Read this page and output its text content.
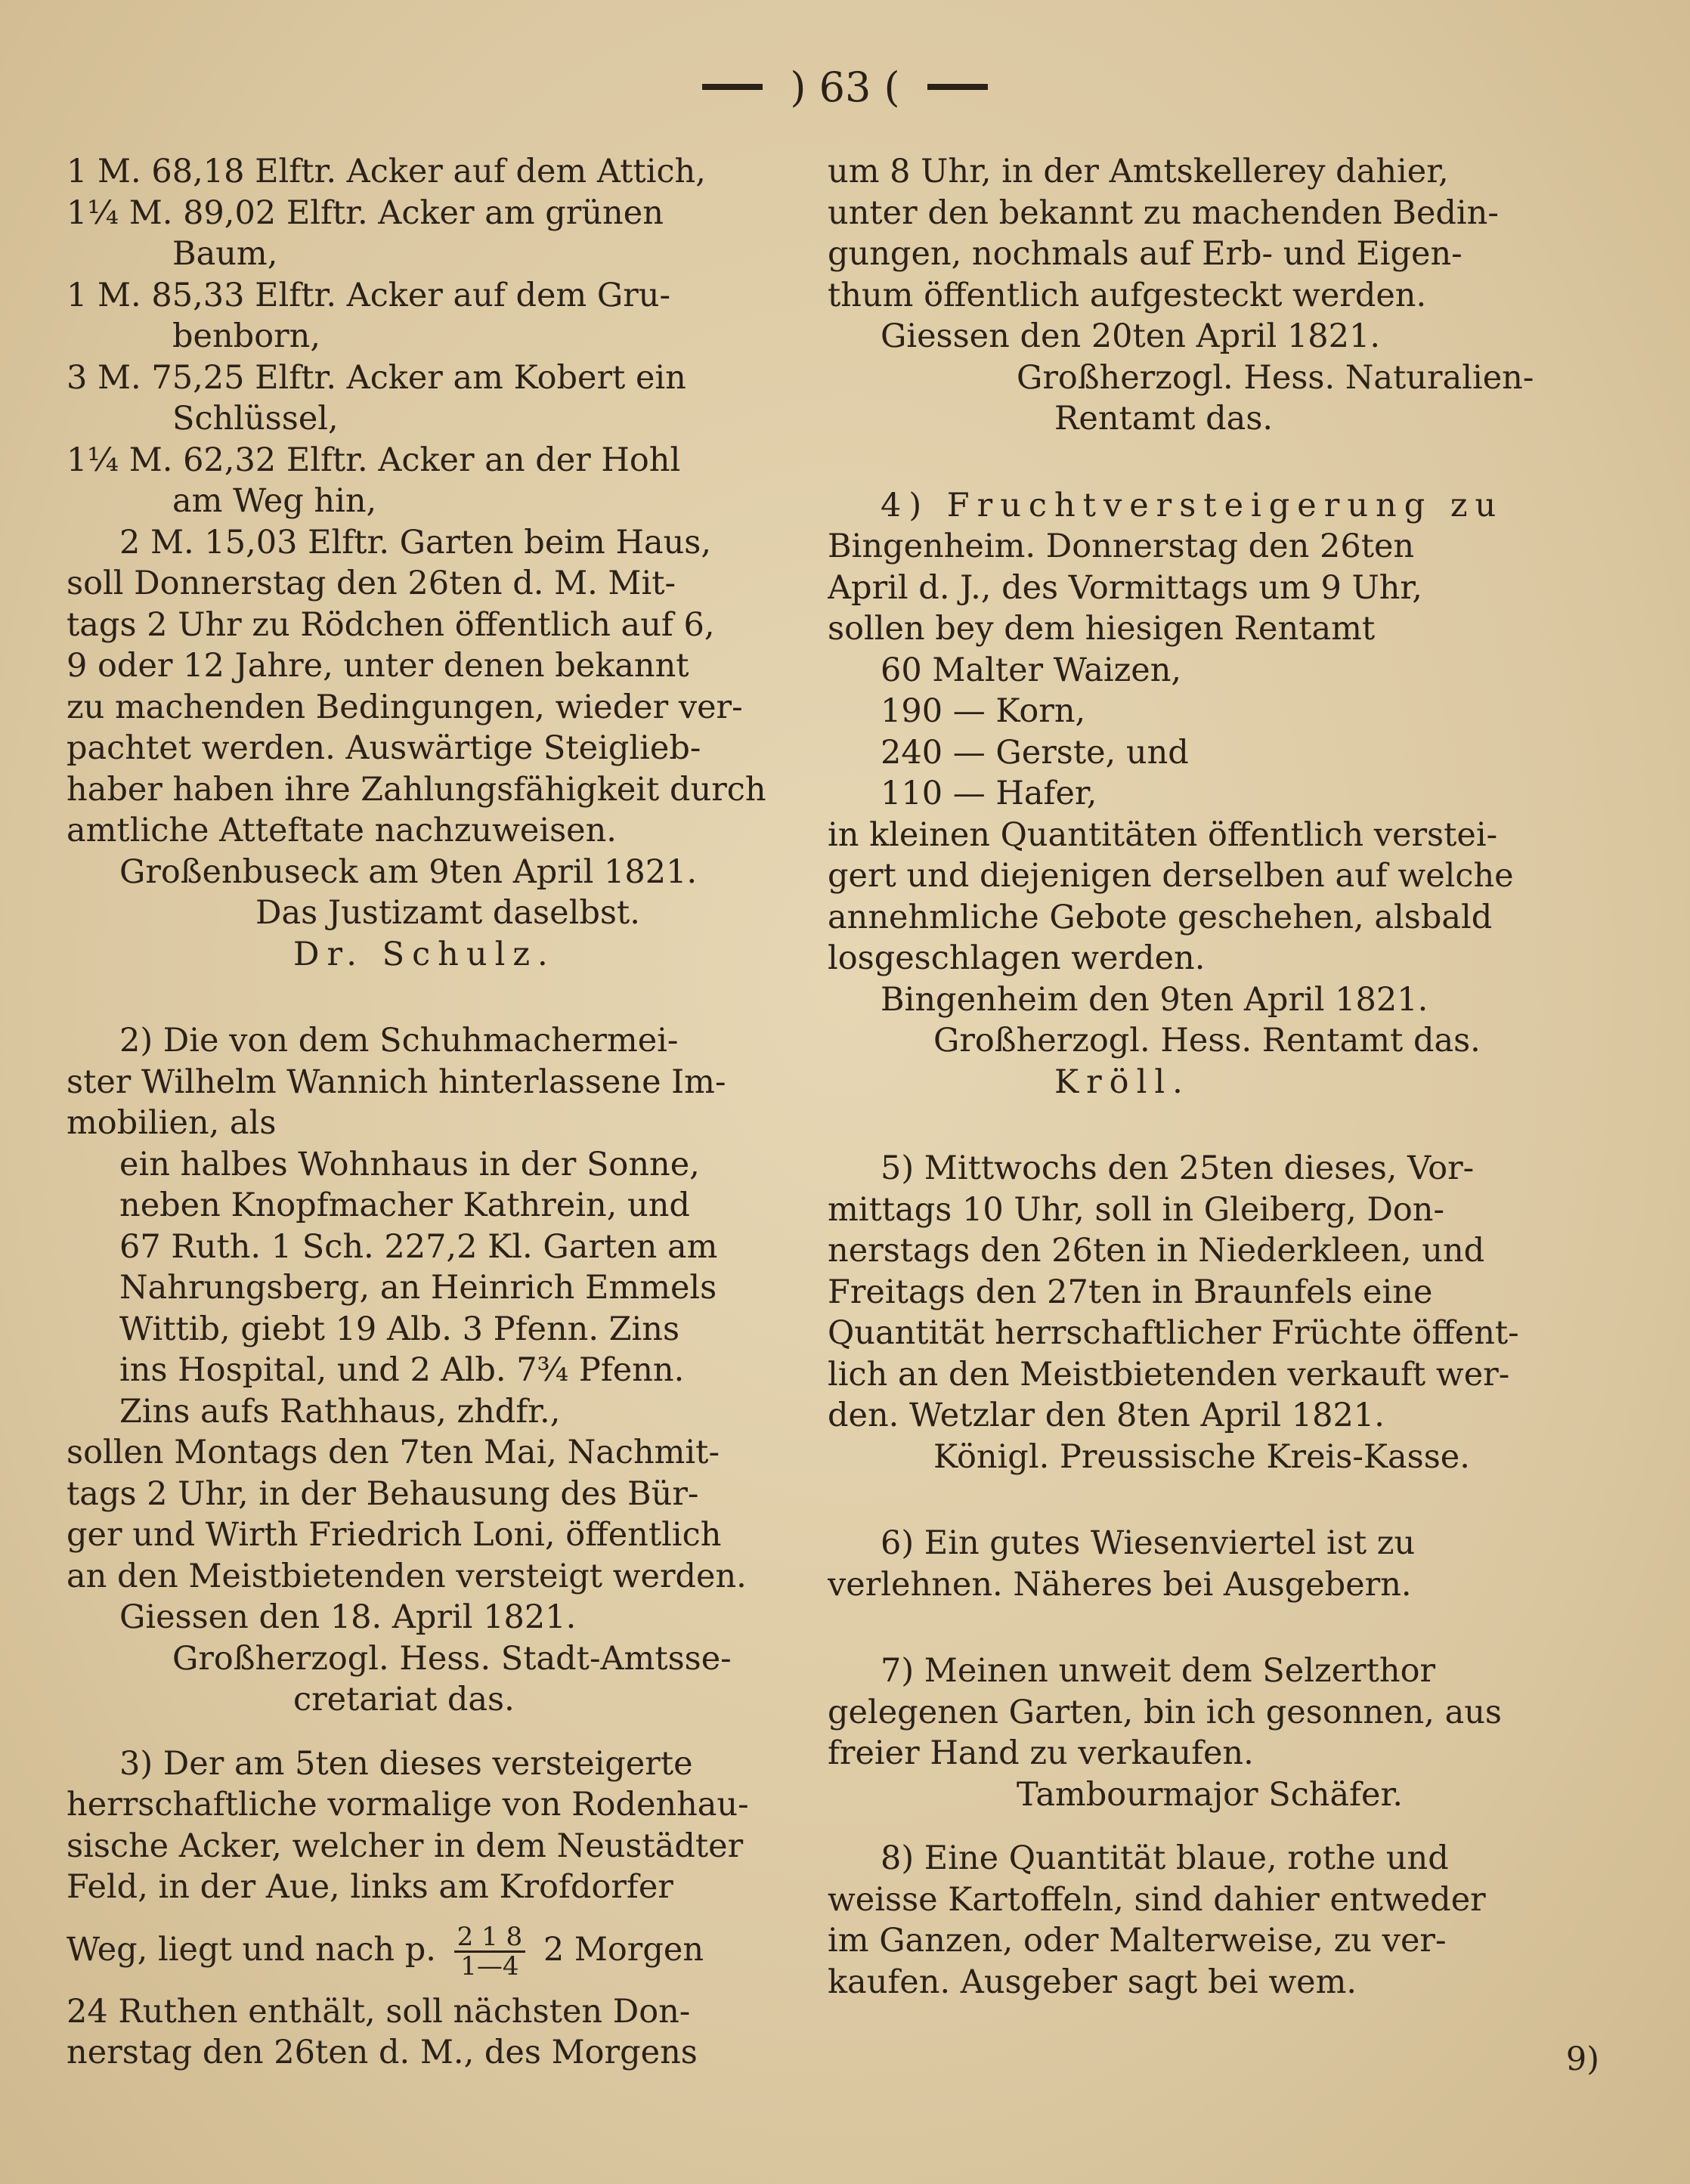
) 63 (
1 M. 68,18 Elftr. Acker auf dem Attich,
1¼ M. 89,02 Elftr. Acker am grünen
Baum,
1 M. 85,33 Elftr. Acker auf dem Gru-
benborn,
3 M. 75,25 Elftr. Acker am Kobert ein
Schlüssel,
1¼ M. 62,32 Elftr. Acker an der Hohl
am Weg hin,
2 M. 15,03 Elftr. Garten beim Haus,
soll Donnerstag den 26ten d. M. Mit-
tags 2 Uhr zu Rödchen öffentlich auf 6,
9 oder 12 Jahre, unter denen bekannt
zu machenden Bedingungen, wieder ver-
pachtet werden. Auswärtige Steiglieb-
haber haben ihre Zahlungsfähigkeit durch
amtliche Atteftate nachzuweisen.
Großenbuseck am 9ten April 1821.
Das Justizamt daselbst.
Dr. Schulz.
2) Die von dem Schuhmachermei-
ster Wilhelm Wannich hinterlassene Im-
mobilien, als
ein halbes Wohnhaus in der Sonne,
neben Knopfmacher Kathrein, und
67 Ruth. 1 Sch. 227,2 Kl. Garten am
Nahrungsberg, an Heinrich Emmels
Wittib, giebt 19 Alb. 3 Pfenn. Zins
ins Hospital, und 2 Alb. 7¾ Pfenn.
Zins aufs Rathhaus, zhdfr.,
sollen Montags den 7ten Mai, Nachmit-
tags 2 Uhr, in der Behausung des Bür-
ger und Wirth Friedrich Loni, öffentlich
an den Meistbietenden versteigt werden.
Giessen den 18. April 1821.
Großherzogl. Hess. Stadt-Amtsse-
cretariat das.
3) Der am 5ten dieses versteigerte
herrschaftliche vormalige von Rodenhau-
sische Acker, welcher in dem Neustädter
Feld, in der Aue, links am Krofdorfer
Weg, liegt und nach p. $\frac{2 1 8}{1—4} 2$ Morgen
24 Ruthen enthält, soll nächsten Don-
nerstag den 26ten d. M., des Morgens
um 8 Uhr, in der Amtskellerey dahier,
unter den bekannt zu machenden Bedin-
gungen, nochmals auf Erb- und Eigen-
thum öffentlich aufgesteckt werden.
Giessen den 20ten April 1821.
Großherzogl. Hess. Naturalien-
Rentamt das.
4) Fruchtversteigerung zu
Bingenheim. Donnerstag den 26ten
April d. J., des Vormittags um 9 Uhr,
sollen bey dem hiesigen Rentamt
60 Malter Waizen,
190 — Korn,
240 — Gerste, und
110 — Hafer,
in kleinen Quantitäten öffentlich verstei-
gert und diejenigen derselben auf welche
annehmliche Gebote geschehen, alsbald
losgeschlagen werden.
Bingenheim den 9ten April 1821.
Großherzogl. Hess. Rentamt das.
Kröll.
5) Mittwochs den 25ten dieses, Vor-
mittags 10 Uhr, soll in Gleiberg, Don-
nerstags den 26ten in Niederkleen, und
Freitags den 27ten in Braunfels eine
Quantität herrschaftlicher Früchte öffent-
lich an den Meistbietenden verkauft wer-
den. Wetzlar den 8ten April 1821.
Königl. Preussische Kreis-Kasse.
6) Ein gutes Wiesenviertel ist zu
verlehnen. Näheres bei Ausgebern.
7) Meinen unweit dem Selzerthor
gelegenen Garten, bin ich gesonnen, aus
freier Hand zu verkaufen.
Tambourmajor Schäfer.
8) Eine Quantität blaue, rothe und
weisse Kartoffeln, sind dahier entweder
im Ganzen, oder Malterweise, zu ver-
kaufen. Ausgeber sagt bei wem.
9)
